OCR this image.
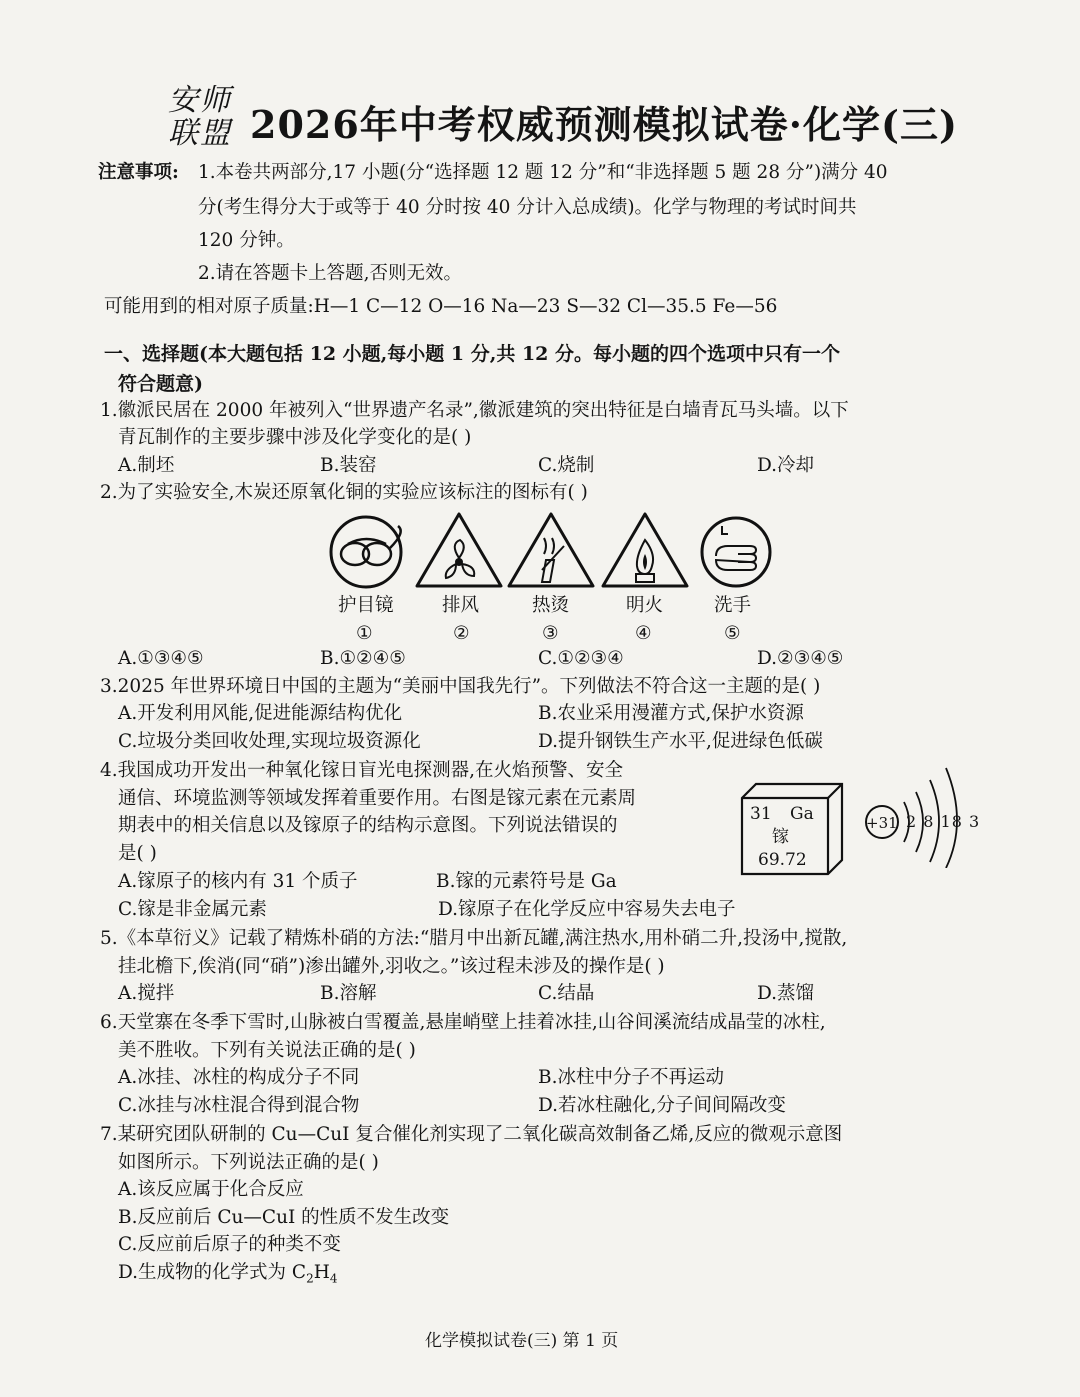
安师
联盟 2026年中考权威预测模拟试卷·化学(三)
注意事项: 1.本卷共两部分,17 小题(分“选择题 12 题 12 分”和“非选择题 5 题 28 分”)满分 40
分(考生得分大于或等于 40 分时按 40 分计入总成绩)。化学与物理的考试时间共
120 分钟。
2.请在答题卡上答题,否则无效。
可能用到的相对原子质量:H—1 C—12 O—16 Na—23 S—32 Cl—35.5 Fe—56
一、选择题(本大题包括 12 小题,每小题 1 分,共 12 分。每小题的四个选项中只有一个
符合题意)
1.徽派民居在 2000 年被列入“世界遗产名录”,徽派建筑的突出特征是白墙青瓦马头墙。以下
青瓦制作的主要步骤中涉及化学变化的是( )
A.制坯	B.装窑	C.烧制	D.冷却
2.为了实验安全,木炭还原氧化铜的实验应该标注的图标有( )
护目镜	排风	热烫	明火	洗手
①	②	③	④	⑤
A.①③④⑤	B.①②④⑤	C.①②③④	D.②③④⑤
3.2025 年世界环境日中国的主题为“美丽中国我先行”。下列做法不符合这一主题的是( )
A.开发利用风能,促进能源结构优化	B.农业采用漫灌方式,保护水资源
C.垃圾分类回收处理,实现垃圾资源化	D.提升钢铁生产水平,促进绿色低碳
4.我国成功开发出一种氧化镓日盲光电探测器,在火焰预警、安全
通信、环境监测等领域发挥着重要作用。右图是镓元素在元素周
期表中的相关信息以及镓原子的结构示意图。下列说法错误的
是( )
31 Ga
镓
69.72
+31 2 8 18 3
A.镓原子的核内有 31 个质子	B.镓的元素符号是 Ga
C.镓是非金属元素	D.镓原子在化学反应中容易失去电子
5.《本草衍义》记载了精炼朴硝的方法:“腊月中出新瓦罐,满注热水,用朴硝二升,投汤中,搅散,
挂北檐下,俟消(同“硝”)渗出罐外,羽收之。”该过程未涉及的操作是( )
A.搅拌	B.溶解	C.结晶	D.蒸馏
6.天堂寨在冬季下雪时,山脉被白雪覆盖,悬崖峭壁上挂着冰挂,山谷间溪流结成晶莹的冰柱,
美不胜收。下列有关说法正确的是( )
A.冰挂、冰柱的构成分子不同	B.冰柱中分子不再运动
C.冰挂与冰柱混合得到混合物	D.若冰柱融化,分子间间隔改变
7.某研究团队研制的 Cu—CuI 复合催化剂实现了二氧化碳高效制备乙烯,反应的微观示意图
如图所示。下列说法正确的是( )
A.该反应属于化合反应
B.反应前后 Cu—CuI 的性质不发生改变
C.反应前后原子的种类不变
D.生成物的化学式为 $C_2H_4$
化学模拟试卷(三) 第 1 页
